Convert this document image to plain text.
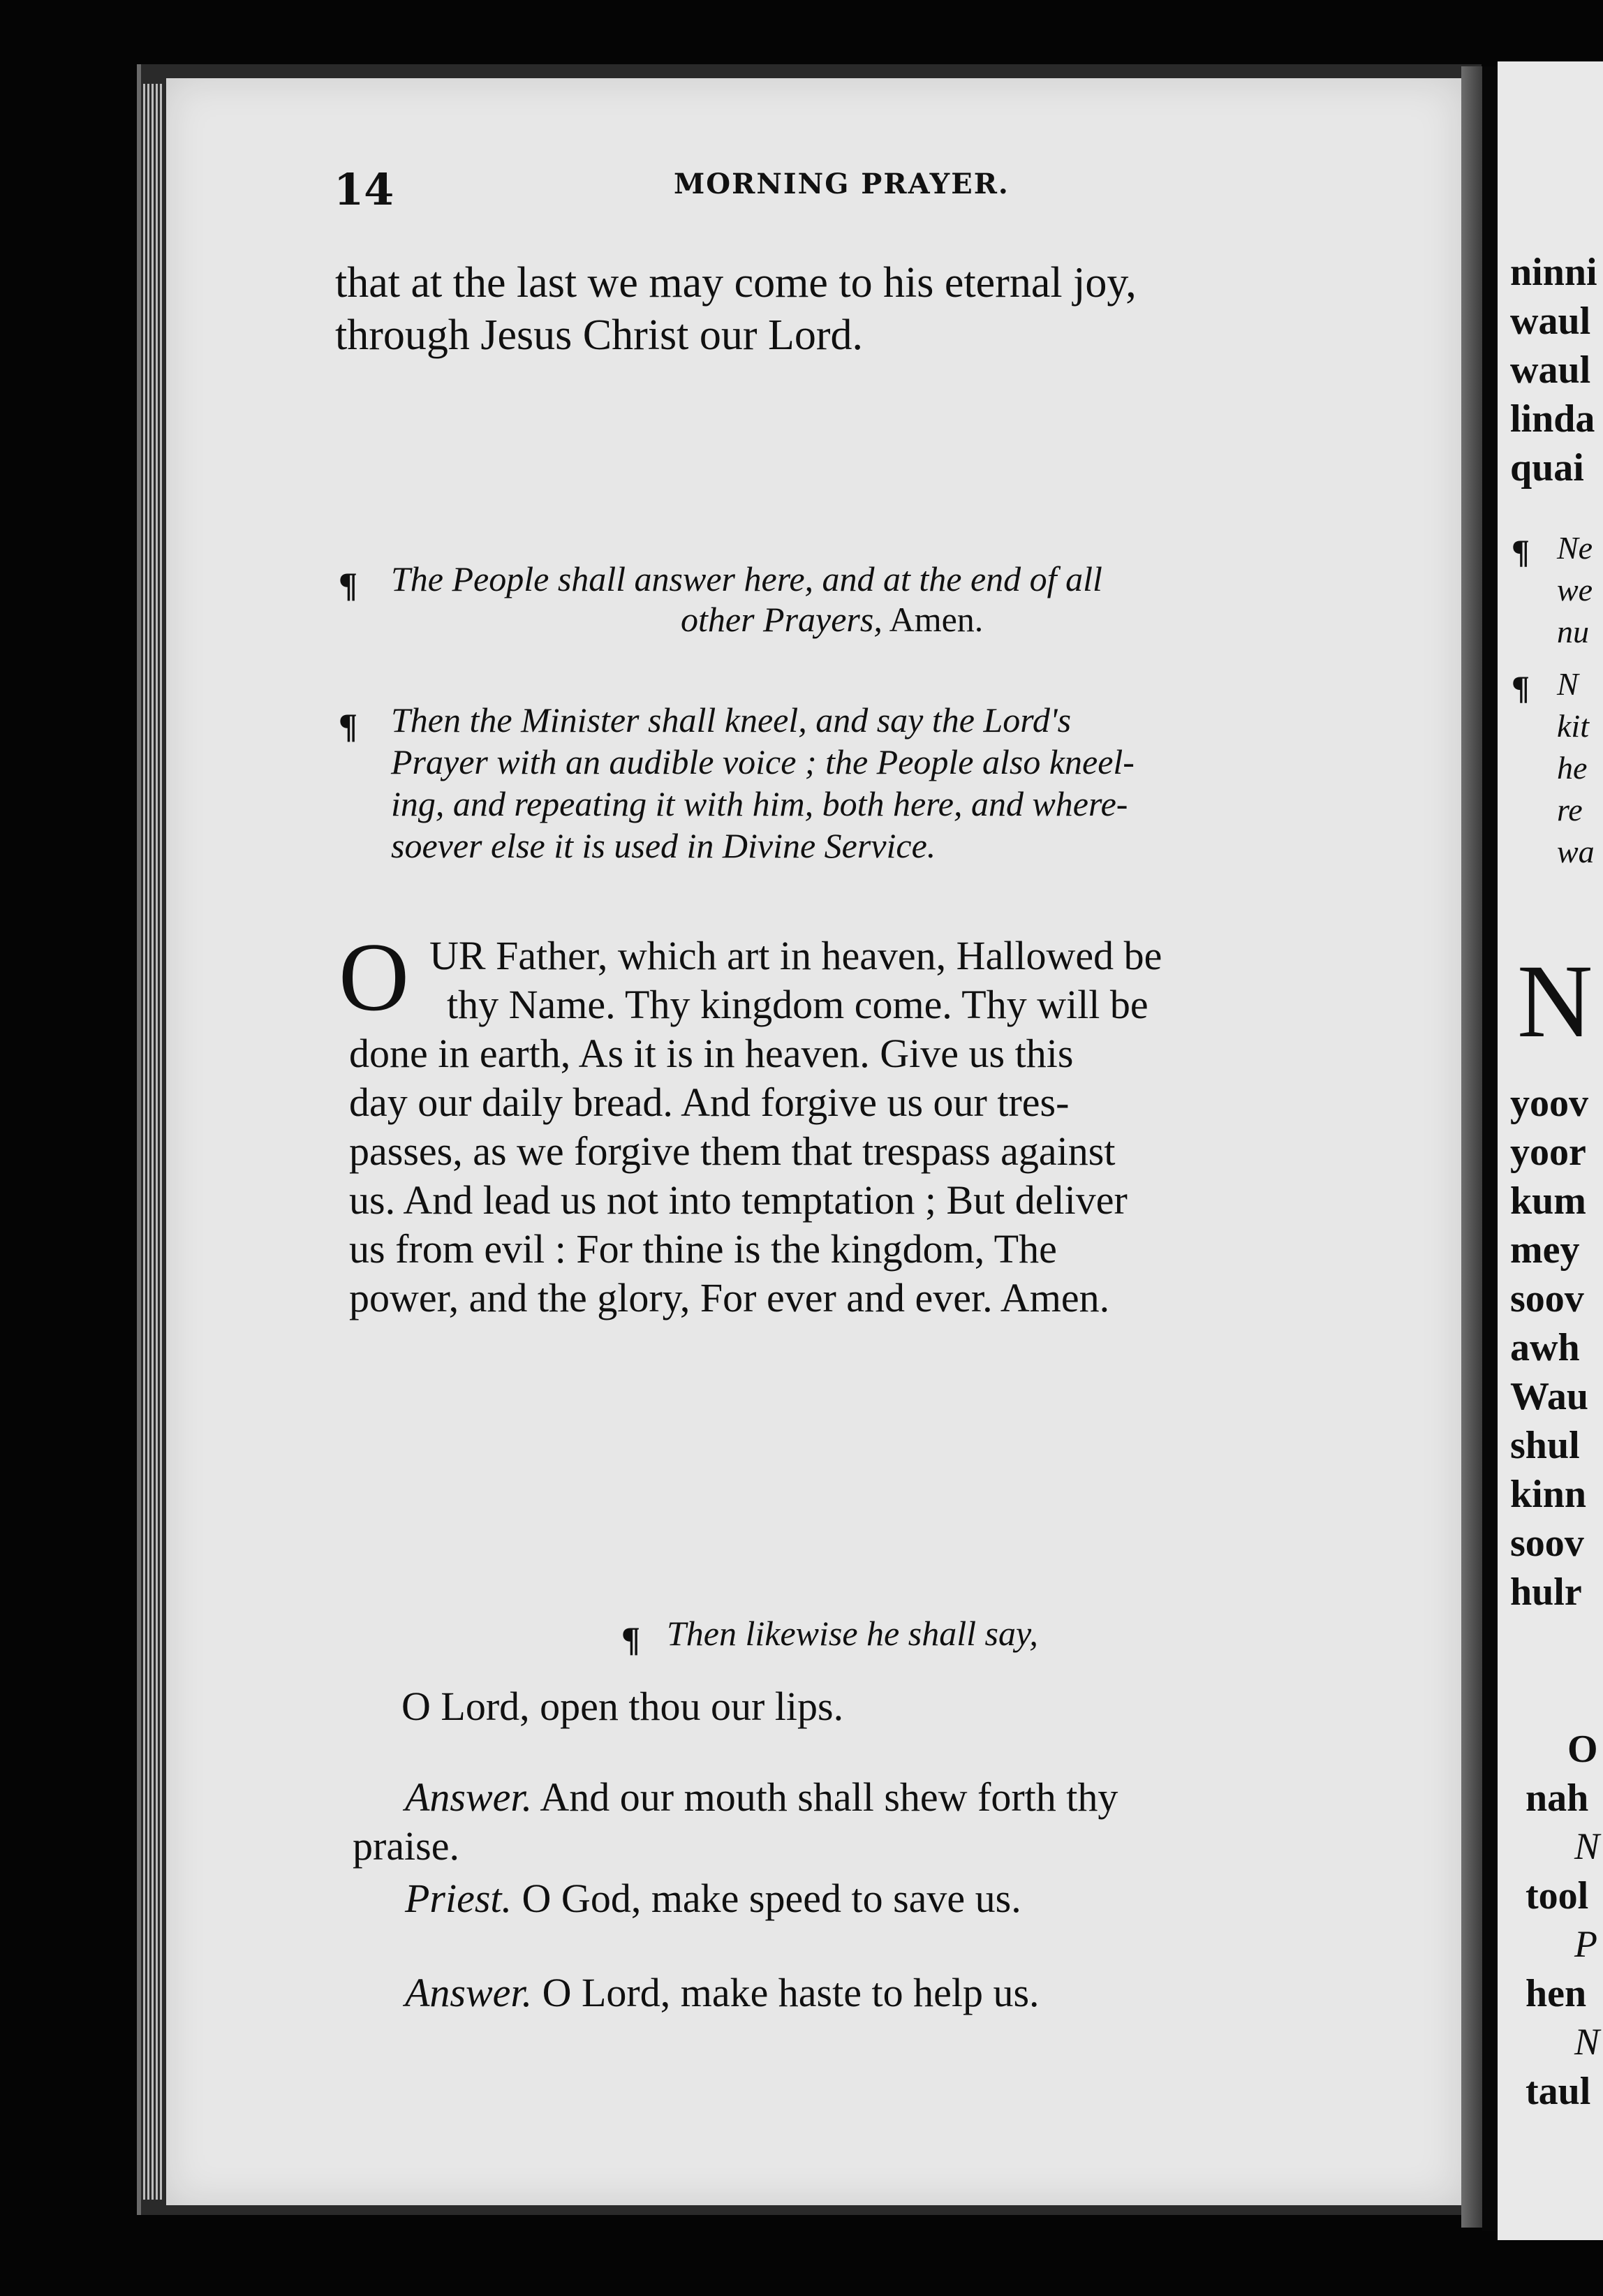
14	MORNING PRAYER.
that at the last we may come to his eternal joy,
through Jesus Christ our Lord.
¶ The People shall answer here, and at the end of all
other Prayers, Amen.
¶ Then the Minister shall kneel, and say the Lord's
Prayer with an audible voice ; the People also kneel-
ing, and repeating it with him, both here, and where-
soever else it is used in Divine Service.
O UR Father, which art in heaven, Hallowed be
thy Name. Thy kingdom come. Thy will be
done in earth, As it is in heaven. Give us this
day our daily bread. And forgive us our tres-
passes, as we forgive them that trespass against
us. And lead us not into temptation ; But deliver
us from evil : For thine is the kingdom, The
power, and the glory, For ever and ever. Amen.
¶ Then likewise he shall say,
O Lord, open thou our lips.
Answer. And our mouth shall shew forth thy
praise.
Priest. O God, make speed to save us.
Answer. O Lord, make haste to help us.
ninni
waul
waul
linda
quai
¶ Ne
we
nu
¶ N
kit
he
re
wa
N
yoov
yoor
kum
mey
soov
awh
Wau
shul
kinn
soov
hulr
O
nah
N
tool
P
hen
N
taul
